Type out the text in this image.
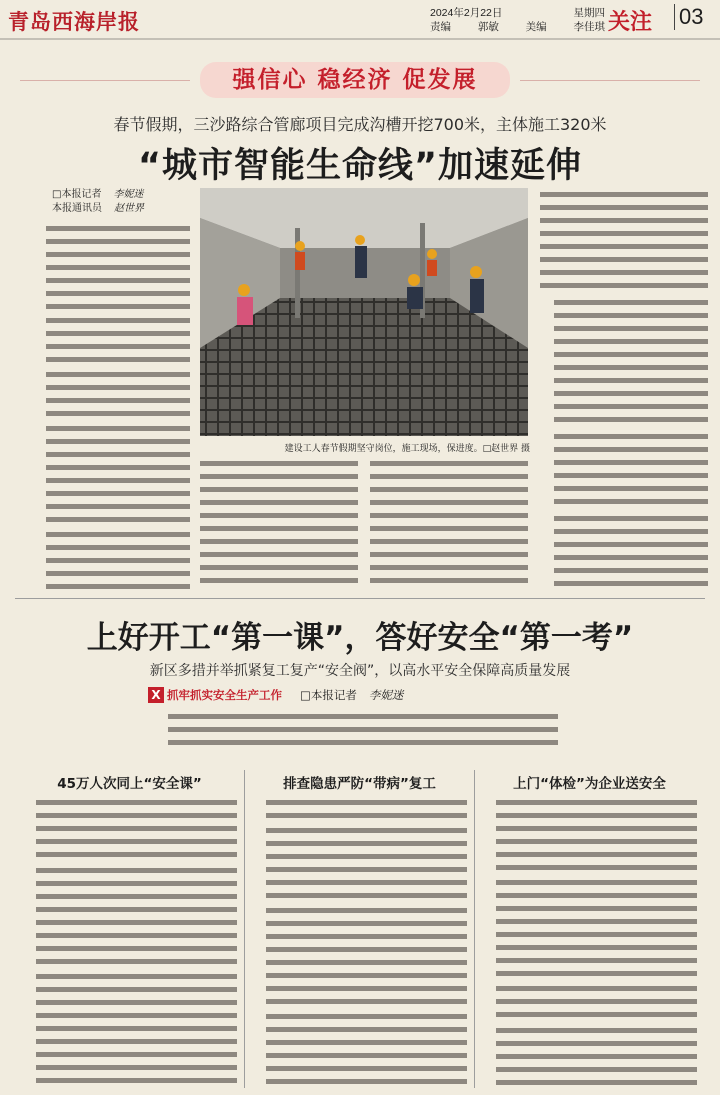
青岛西海岸报	2024年2月22日	星期四
责编	郭敏	美编	李佳琪 关注 03
强信心 稳经济 促发展
春节假期，三沙路综合管廊项目完成沟槽开挖700米，主体施工320米
“城市智能生命线”加速延伸
□本报记者 李妮迷
本报通讯员 赵世界
建设工人春节假期坚守岗位，施工现场，保进度。□赵世界 摄
上好开工“第一课”，答好安全“第一考”
新区多措并举抓紧复工复产“安全阀”，以高水平安全保障高质量发展
X 抓牢抓实安全生产工作 □本报记者 李妮迷
45万人次同上“安全课”	排查隐患严防“带病”复工	上门“体检”为企业送安全
